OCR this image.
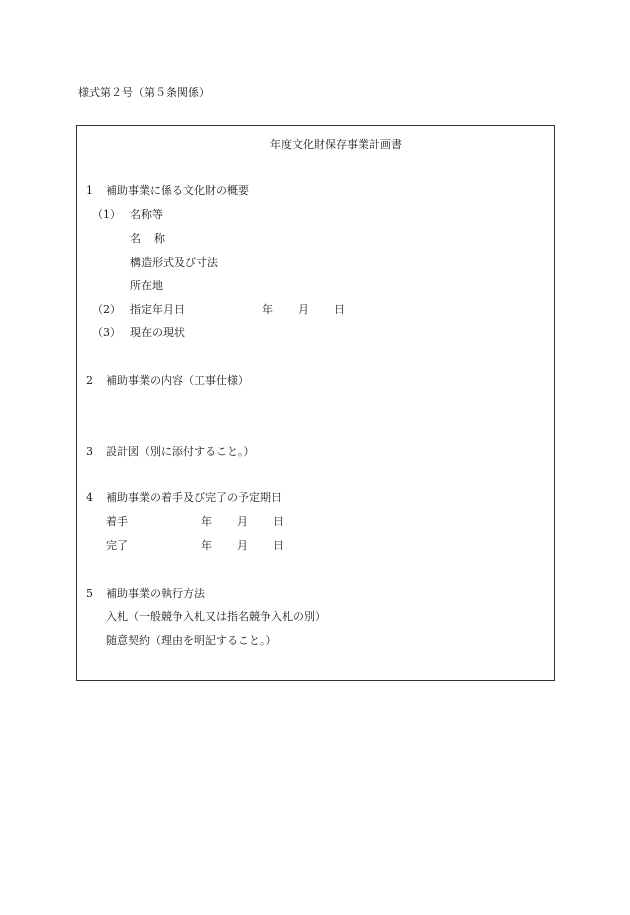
様式第２号（第５条関係）
年度文化財保存事業計画書
1 補助事業に係る文化財の概要
（1） 名称等
名 称
構造形式及び寸法
所在地
（2） 指定年月日	年 月 日
（3） 現在の現状
2 補助事業の内容（工事仕様）
3 設計図（別に添付すること。）
4 補助事業の着手及び完了の予定期日
着手	年 月 日
完了	年 月 日
5 補助事業の執行方法
入札（一般競争入札又は指名競争入札の別）
随意契約（理由を明記すること。）
